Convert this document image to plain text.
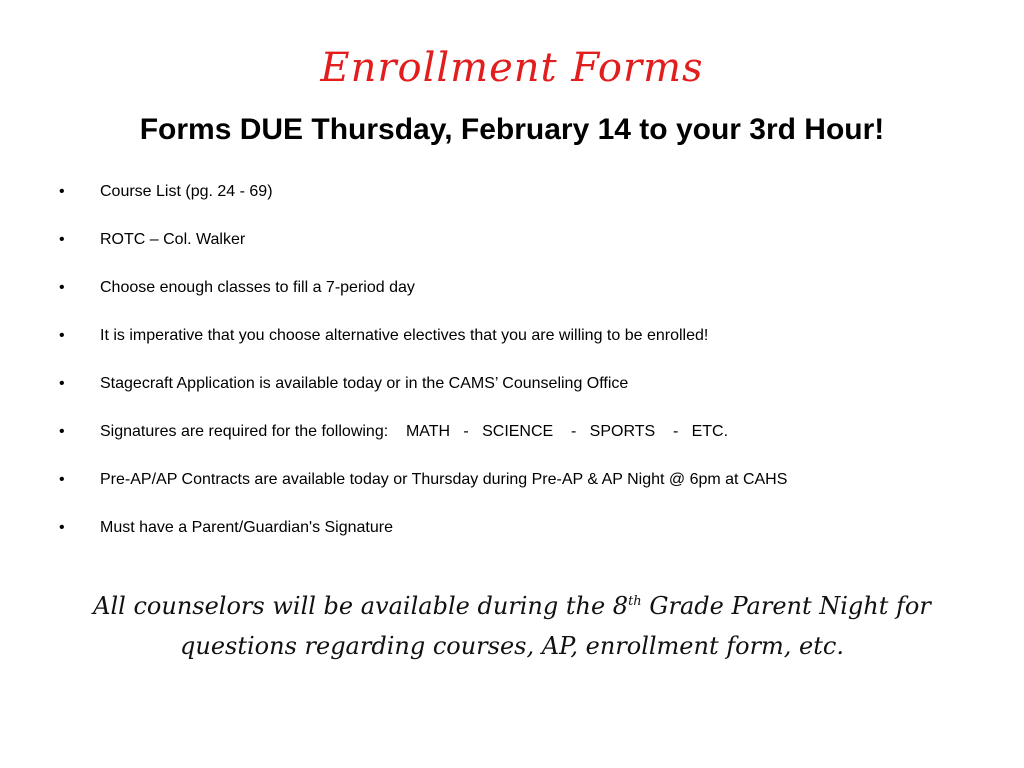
Enrollment Forms
Forms DUE Thursday, February 14 to your 3rd Hour!
•	Course List (pg. 24 - 69)
•	ROTC – Col. Walker
•	Choose enough classes to fill a 7-period day
•	It is imperative that you choose alternative electives that you are willing to be enrolled!
•	Stagecraft Application is available today or in the CAMS’ Counseling Office
•	Signatures are required for the following:    MATH   -   SCIENCE    -   SPORTS    -   ETC.
•	Pre-AP/AP Contracts are available today or Thursday during Pre-AP & AP Night @ 6pm at CAHS
•	Must have a Parent/Guardian's Signature
All counselors will be available during the 8th Grade Parent Night for questions regarding courses, AP, enrollment form, etc.
